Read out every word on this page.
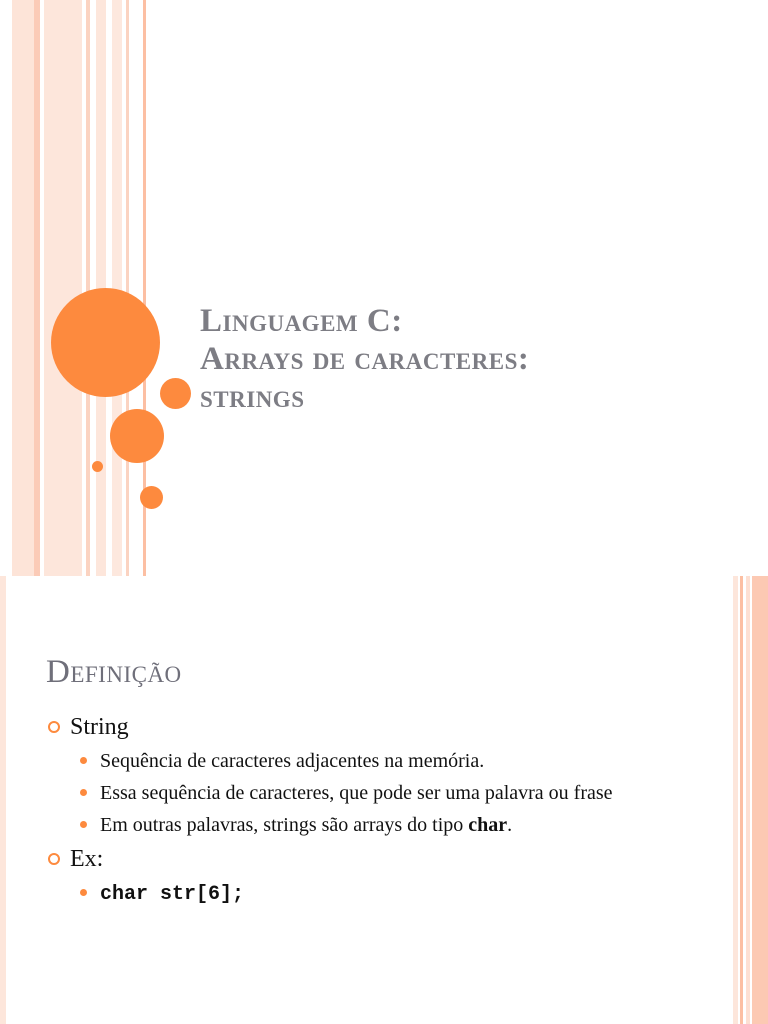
Linguagem C:
Arrays de caracteres:
strings
Definição
String
Sequência de caracteres adjacentes na memória.
Essa sequência de caracteres, que pode ser uma palavra ou frase
Em outras palavras, strings são arrays do tipo char.
Ex:
char str[6];
